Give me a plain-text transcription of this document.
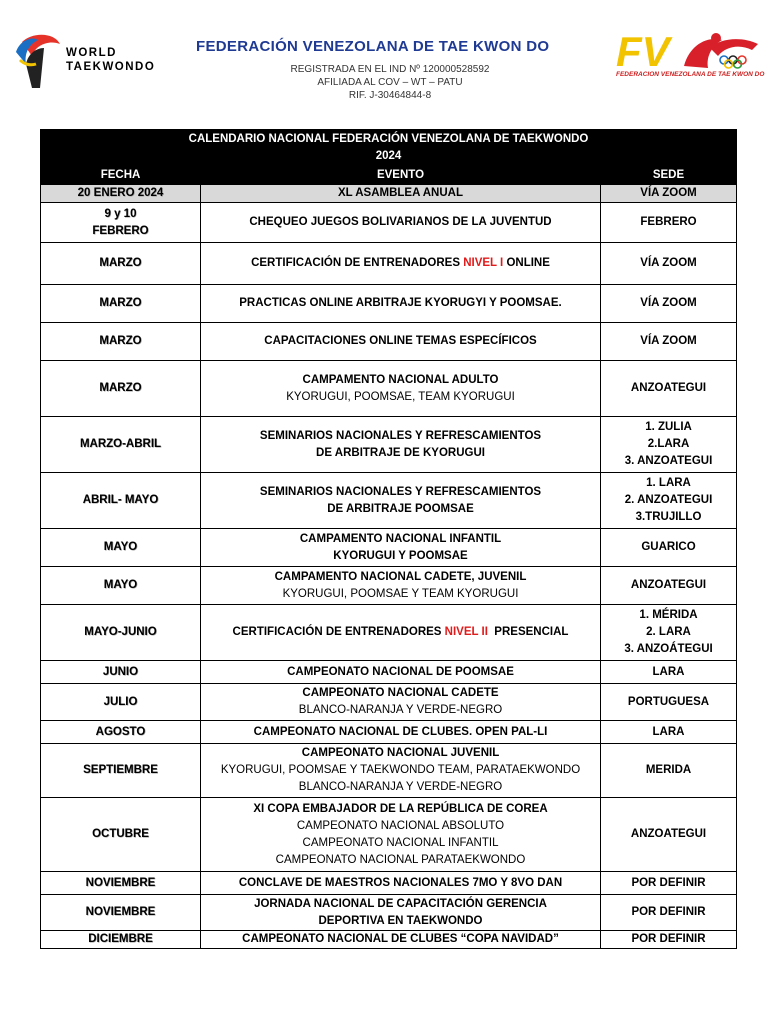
WORLD
TAEKWONDO
FEDERACIÓN VENEZOLANA DE TAE KWON DO
REGISTRADA EN EL IND Nº 120000528592
AFILIADA AL COV – WT – PATU
RIF. J-30464844-8
FV
FEDERACION VENEZOLANA DE TAE KWON DO
CALENDARIO NACIONAL FEDERACIÓN VENEZOLANA DE TAEKWONDO
2024		

FECHA	EVENTO	SEDE

20 ENERO 2024	XL ASAMBLEA ANUAL	VÍA ZOOM

9 y 10
FEBRERO	CHEQUEO JUEGOS BOLIVARIANOS DE LA JUVENTUD	FEBRERO

MARZO	CERTIFICACIÓN DE ENTRENADORES NIVEL I ONLINE	VÍA ZOOM

MARZO	PRACTICAS ONLINE ARBITRAJE KYORUGYI Y POOMSAE.	VÍA ZOOM

MARZO	CAPACITACIONES ONLINE TEMAS ESPECÍFICOS	VÍA ZOOM

MARZO	CAMPAMENTO NACIONAL ADULTO
KYORUGUI, POOMSAE, TEAM KYORUGUI	ANZOATEGUI

MARZO-ABRIL	SEMINARIOS NACIONALES Y REFRESCAMIENTOS
DE ARBITRAJE DE KYORUGUI	1. ZULIA
2.LARA
3. ANZOATEGUI

ABRIL- MAYO	SEMINARIOS NACIONALES Y REFRESCAMIENTOS
DE ARBITRAJE POOMSAE	1. LARA
2. ANZOATEGUI
3.TRUJILLO

MAYO	CAMPAMENTO NACIONAL INFANTIL
KYORUGUI Y POOMSAE	GUARICO

MAYO	CAMPAMENTO NACIONAL CADETE, JUVENIL
KYORUGUI, POOMSAE Y TEAM KYORUGUI	ANZOATEGUI

MAYO-JUNIO	CERTIFICACIÓN DE ENTRENADORES NIVEL II  PRESENCIAL	1. MÉRIDA
2. LARA
3. ANZOÁTEGUI

JUNIO	CAMPEONATO NACIONAL DE POOMSAE	LARA

JULIO	CAMPEONATO NACIONAL CADETE
BLANCO-NARANJA Y VERDE-NEGRO	PORTUGUESA

AGOSTO	CAMPEONATO NACIONAL DE CLUBES. OPEN PAL-LI	LARA

SEPTIEMBRE	CAMPEONATO NACIONAL JUVENIL
KYORUGUI, POOMSAE Y TAEKWONDO TEAM, PARATAEKWONDO
BLANCO-NARANJA Y VERDE-NEGRO	MERIDA

OCTUBRE	XI COPA EMBAJADOR DE LA REPÚBLICA DE COREA
CAMPEONATO NACIONAL ABSOLUTO
CAMPEONATO NACIONAL INFANTIL
CAMPEONATO NACIONAL PARATAEKWONDO	ANZOATEGUI

NOVIEMBRE	CONCLAVE DE MAESTROS NACIONALES 7MO Y 8VO DAN	POR DEFINIR

NOVIEMBRE	JORNADA NACIONAL DE CAPACITACIÓN GERENCIA
DEPORTIVA EN TAEKWONDO	POR DEFINIR

DICIEMBRE	CAMPEONATO NACIONAL DE CLUBES “COPA NAVIDAD”	POR DEFINIR
